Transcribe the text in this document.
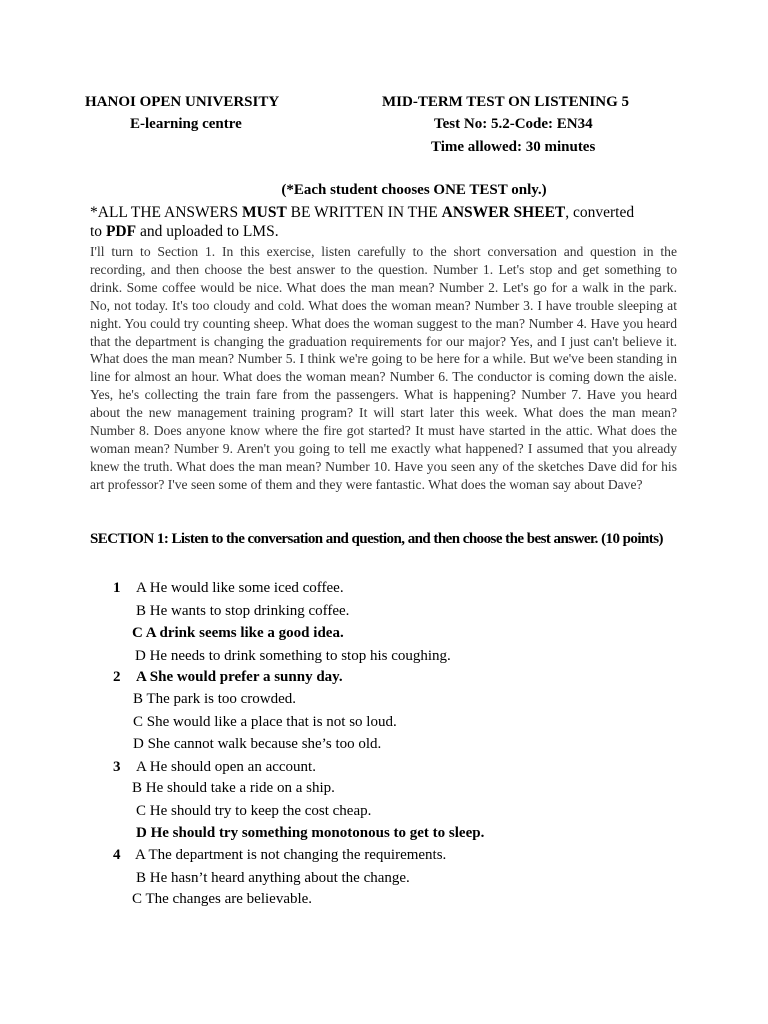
HANOI OPEN UNIVERSITY
E-learning centre
MID-TERM TEST ON LISTENING 5
Test No: 5.2-Code: EN34
Time allowed: 30 minutes
(*Each student chooses ONE TEST only.)
*ALL THE ANSWERS MUST BE WRITTEN IN THE ANSWER SHEET, converted
to PDF and uploaded to LMS.
I'll turn to Section 1. In this exercise, listen carefully to the short conversation and question in the recording, and then choose the best answer to the question. Number 1. Let's stop and get something to drink. Some coffee would be nice. What does the man mean? Number 2. Let's go for a walk in the park. No, not today. It's too cloudy and cold. What does the woman mean? Number 3. I have trouble sleeping at night. You could try counting sheep. What does the woman suggest to the man? Number 4. Have you heard that the department is changing the graduation requirements for our major? Yes, and I just can't believe it. What does the man mean? Number 5. I think we're going to be here for a while. But we've been standing in line for almost an hour. What does the woman mean? Number 6. The conductor is coming down the aisle. Yes, he's collecting the train fare from the passengers. What is happening? Number 7. Have you heard about the new management training program? It will start later this week. What does the man mean? Number 8. Does anyone know where the fire got started? It must have started in the attic. What does the woman mean? Number 9. Aren't you going to tell me exactly what happened? I assumed that you already knew the truth. What does the man mean? Number 10. Have you seen any of the sketches Dave did for his art professor? I've seen some of them and they were fantastic. What does the woman say about Dave?
SECTION 1: Listen to the conversation and question, and then choose the best answer. (10 points)
1 A He would like some iced coffee.
B He wants to stop drinking coffee.
C A drink seems like a good idea.
D He needs to drink something to stop his coughing.
2 A She would prefer a sunny day.
B The park is too crowded.
C She would like a place that is not so loud.
D She cannot walk because she’s too old.
3 A He should open an account.
B He should take a ride on a ship.
C He should try to keep the cost cheap.
D He should try something monotonous to get to sleep.
4 A The department is not changing the requirements.
B He hasn’t heard anything about the change.
C The changes are believable.
